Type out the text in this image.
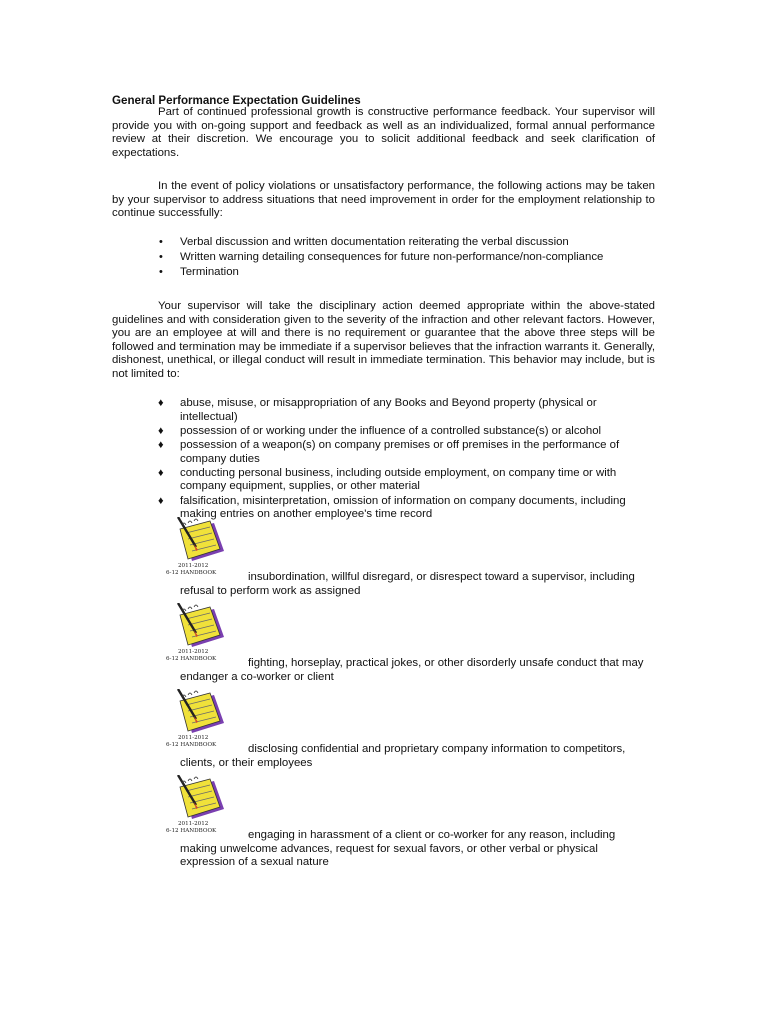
General Performance Expectation Guidelines
Part of continued professional growth is constructive performance feedback. Your supervisor will provide you with on-going support and feedback as well as an individualized, formal annual performance review at their discretion. We encourage you to solicit additional feedback and seek clarification of expectations.
In the event of policy violations or unsatisfactory performance, the following actions may be taken by your supervisor to address situations that need improvement in order for the employment relationship to continue successfully:
• Verbal discussion and written documentation reiterating the verbal discussion
• Written warning detailing consequences for future non-performance/non-compliance
• Termination
Your supervisor will take the disciplinary action deemed appropriate within the above-stated guidelines and with consideration given to the severity of the infraction and other relevant factors. However, you are an employee at will and there is no requirement or guarantee that the above three steps will be followed and termination may be immediate if a supervisor believes that the infraction warrants it. Generally, dishonest, unethical, or illegal conduct will result in immediate termination. This behavior may include, but is not limited to:
♦ abuse, misuse, or misappropriation of any Books and Beyond property (physical or intellectual)
♦ possession of or working under the influence of a controlled substance(s) or alcohol
♦ possession of a weapon(s) on company premises or off premises in the performance of company duties
♦ conducting personal business, including outside employment, on company time or with company equipment, supplies, or other material
♦ falsification, misinterpretation, omission of information on company documents, including making entries on another employee's time record
2011-2012
6-12 HANDBOOK	insubordination, willful disregard, or disrespect toward a supervisor, including refusal to perform work as assigned
2011-2012
6-12 HANDBOOK	fighting, horseplay, practical jokes, or other disorderly unsafe conduct that may endanger a co-worker or client
2011-2012
6-12 HANDBOOK	disclosing confidential and proprietary company information to competitors, clients, or their employees
2011-2012
6-12 HANDBOOK	engaging in harassment of a client or co-worker for any reason, including making unwelcome advances, request for sexual favors, or other verbal or physical expression of a sexual nature
